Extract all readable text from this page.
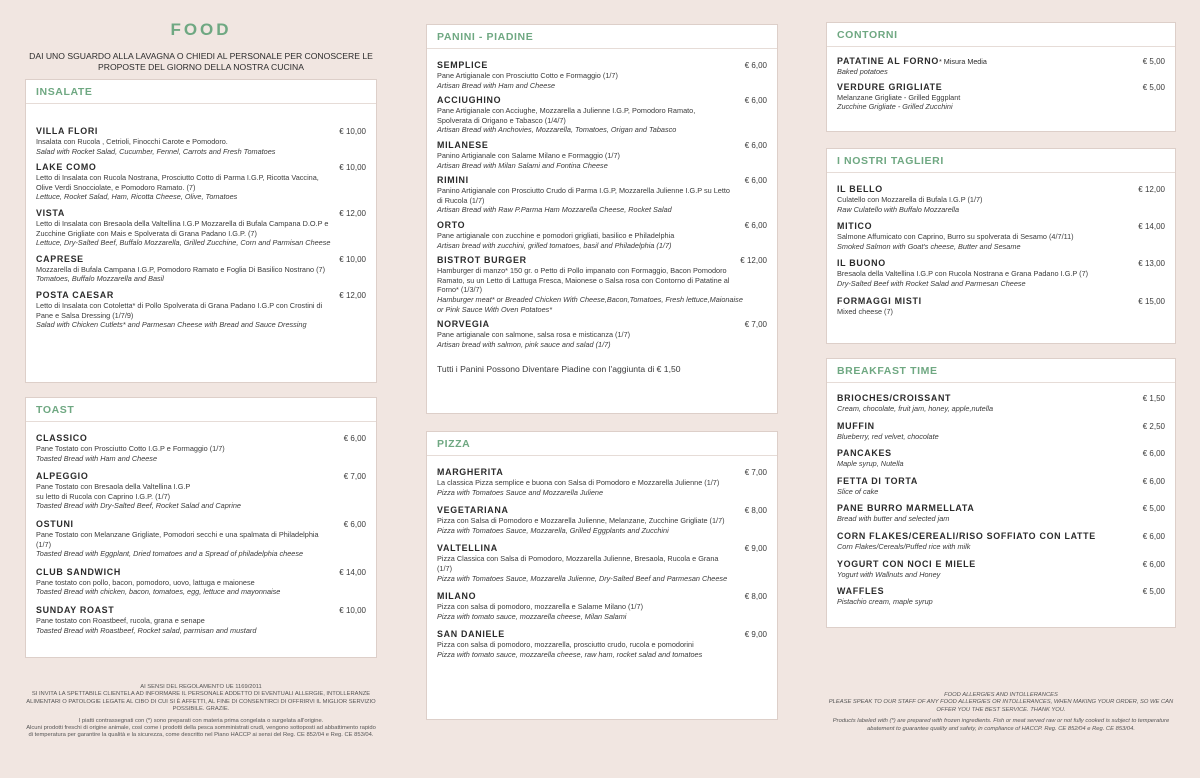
FOOD
DAI UNO SGUARDO ALLA LAVAGNA O CHIEDI AL PERSONALE PER CONOSCERE LE PROPOSTE DEL GIORNO DELLA NOSTRA CUCINA
INSALATE
VILLA FLORI	€ 10,00
Insalata con Rucola , Cetrioli, Finocchi Carote e Pomodoro.
Salad with Rocket Salad, Cucumber, Fennel, Carrots and Fresh Tomatoes
LAKE COMO	€ 10,00
Letto di Insalata con Rucola Nostrana, Prosciutto Cotto di Parma I.G.P, Ricotta Vaccina, Olive Verdi Snocciolate, e Pomodoro Ramato. (7)
Lettuce, Rocket Salad, Ham, Ricotta Cheese, Olive, Tomatoes
VISTA	€ 12,00
Letto di Insalata con Bresaola della Valtellina I.G.P Mozzarella di Bufala Campana D.O.P e Zucchine Grigliate con Mais e Spolverata di Grana Padano I.G.P. (7)
Lettuce, Dry-Salted Beef, Buffalo Mozzarella, Grilled Zucchine, Corn and Parmisan Cheese
CAPRESE	€ 10,00
Mozzarella di Bufala Campana I.G.P, Pomodoro Ramato e Foglia Di Basilico Nostrano (7)
Tomatoes, Buffalo Mozzarella and Basil
POSTA CAESAR	€ 12,00
Letto di Insalata con Cotoletta* di Pollo Spolverata di Grana Padano I.G.P con Crostini di Pane e Salsa Dressing (1/7/9)
Salad with Chicken Cutlets* and Parmesan Cheese with Bread and Sauce Dressing
TOAST
CLASSICO	€ 6,00
Pane Tostato con Prosciutto Cotto I.G.P e Formaggio (1/7)
Toasted Bread with Ham and Cheese
ALPEGGIO	€ 7,00
Pane Tostato con Bresaola della Valtellina I.G.P
su letto di Rucola con Caprino I.G.P. (1/7)
Toasted Bread with Dry-Salted Beef, Rocket Salad and Caprine
OSTUNI	€ 6,00
Pane Tostato con Melanzane Grigliate, Pomodori secchi e una spalmata di Philadelphia (1/7)
Toasted Bread with Eggplant, Dried tomatoes and a Spread of philadelphia cheese
CLUB SANDWICH	€ 14,00
Pane tostato con pollo, bacon, pomodoro, uovo, lattuga e maionese
Toasted Bread with chicken, bacon, tomatoes, egg, lettuce and mayonnaise
SUNDAY ROAST	€ 10,00
Pane tostato con Roastbeef, rucola, grana e senape
Toasted Bread with Roastbeef, Rocket salad, parmisan and mustard
PANINI - PIADINE
SEMPLICE	€ 6,00
Pane Artigianale con Prosciutto Cotto e Formaggio (1/7)
Artisan Bread with Ham and Cheese
ACCIUGHINO	€ 6,00
Pane Artigianale con Acciughe, Mozzarella a Julienne I.G.P, Pomodoro Ramato, Spolverata di Origano e Tabasco (1/4/7)
Artisan Bread with Anchovies, Mozzarella, Tomatoes, Origan and Tabasco
MILANESE	€ 6,00
Panino Artigianale con Salame Milano e Formaggio (1/7)
Artisan Bread with Milan Salami and Fontina Cheese
RIMINI	€ 6,00
Panino Artigianale con Prosciutto Crudo di Parma I.G.P, Mozzarella Julienne I.G.P su Letto di Rucola (1/7)
Artisan Bread with Raw P.Parma Ham Mozzarella Cheese, Rocket Salad
ORTO	€ 6,00
Pane artigianale con zucchine e pomodori grigliati, basilico e Philadelphia
Artisan bread with zucchini, grilled tomatoes, basil and Philadelphia (1/7)
BISTROT BURGER	€ 12,00
Hamburger di manzo* 150 gr. o Petto di Pollo impanato con Formaggio, Bacon Pomodoro Ramato, su un Letto di Lattuga Fresca, Maionese o Salsa rosa con Contorno di Patatine al Forno* (1/3/7)
Hamburger meat* or Breaded Chicken With Cheese,Bacon,Tomatoes, Fresh lettuce,Maionaise or Pink Sauce With Oven Potatoes*
NORVEGIA	€ 7,00
Pane artigianale con salmone, salsa rosa e misticanza (1/7)
Artisan bread with salmon, pink sauce and salad (1/7)
Tutti i Panini Possono Diventare Piadine con l'aggiunta di € 1,50
PIZZA
MARGHERITA	€ 7,00
La classica Pizza semplice e buona con Salsa di Pomodoro e Mozzarella Julienne (1/7)
Pizza with Tomatoes Sauce and Mozzarella Juliene
VEGETARIANA	€ 8,00
Pizza con Salsa di Pomodoro e Mozzarella Julienne, Melanzane, Zucchine Grigliate (1/7)
Pizza with Tomatoes Sauce, Mozzarella, Grilled Eggplants and Zucchini
VALTELLINA	€ 9,00
Pizza Classica con Salsa di Pomodoro, Mozzarella Julienne, Bresaola, Rucola e Grana (1/7)
Pizza with Tomatoes Sauce, Mozzarella Julienne, Dry-Salted Beef and Parmesan Cheese
MILANO	€ 8,00
Pizza con salsa di pomodoro, mozzarella e Salame Milano (1/7)
Pizza with tomato sauce, mozzarella cheese, Milan Salami
SAN DANIELE	€ 9,00
Pizza con salsa di pomodoro, mozzarella, prosciutto crudo, rucola e pomodorini
Pizza with tomato sauce, mozzarella cheese, raw ham, rocket salad and tomatoes
CONTORNI
PATATINE AL FORNO* Misura Media	€ 5,00
Baked potatoes
VERDURE GRIGLIATE	€ 5,00
Melanzane Grigliate - Grilled Eggplant
Zucchine Grigliate - Grilled Zucchini
I NOSTRI TAGLIERI
IL BELLO	€ 12,00
Culatello con Mozzarella di Bufala I.G.P (1/7)
Raw Culatello with Buffalo Mozzarella
MITICO	€ 14,00
Salmone Affumicato con Caprino, Burro su spolverata di Sesamo (4/7/11)
Smoked Salmon with Goat's cheese, Butter and Sesame
IL BUONO	€ 13,00
Bresaola della Valtellina I.G.P con Rucola Nostrana e Grana Padano I.G.P (7)
Dry-Salted Beef with Rocket Salad and Parmesan Cheese
FORMAGGI MISTI	€ 15,00
Mixed cheese (7)
BREAKFAST TIME
BRIOCHES/CROISSANT	€ 1,50
Cream, chocolate, fruit jam, honey, apple,nutella
MUFFIN	€ 2,50
Blueberry, red velvet, chocolate
PANCAKES	€ 6,00
Maple syrup, Nutella
FETTA DI TORTA	€ 6,00
Slice of cake
PANE BURRO MARMELLATA	€ 5,00
Bread with butter and selected jam
CORN FLAKES/CEREALI/RISO SOFFIATO CON LATTE	€ 6,00
Corn Flakes/Cereals/Puffed rice with milk
YOGURT CON NOCI E MIELE	€ 6,00
Yogurt with Wallnuts and Honey
WAFFLES	€ 5,00
Pistachio cream, maple syrup

AI SENSI DEL REGOLAMENTO UE 1169/2011
SI INVITA LA SPETTABILE CLIENTELA AD INFORMARE IL PERSONALE ADDETTO DI EVENTUALI ALLERGIE, INTOLLERANZE ALIMENTARI O PATOLOGIE LEGATE AL CIBO DI CUI SI È AFFETTI, AL FINE DI CONSENTIRCI DI OFFRIRVI IL MIGLIOR SERVIZIO POSSIBILE. GRAZIE.

I piatti contrassegnati con (*) sono preparati con materia prima congelata o surgelata all'origine.
Alcuni prodotti freschi di origine animale, così come i prodotti della pesca somministrati crudi, vengono sottoposti ad abbattimento rapido di temperatura per garantire la qualità e la sicurezza, come descritto nel Piano HACCP ai sensi del Reg. CE 852/04 e Reg. CE 853/04.

FOOD ALLERGIES AND INTOLLERANCES
PLEASE SPEAK TO OUR STAFF OF ANY FOOD ALLERGIES OR INTOLLERANCES, WHEN MAKING YOUR ORDER, SO WE CAN OFFER YOU THE BEST SERVICE. THANK YOU.

Products labeled with (*) are prepared with frozen ingredients. Fish or meat served raw or not fully cooked is subject to temperature abatement to guarantee quality and safety, in compliance of HACCP. Reg. CE 852/04 e Reg. CE 853/04.
